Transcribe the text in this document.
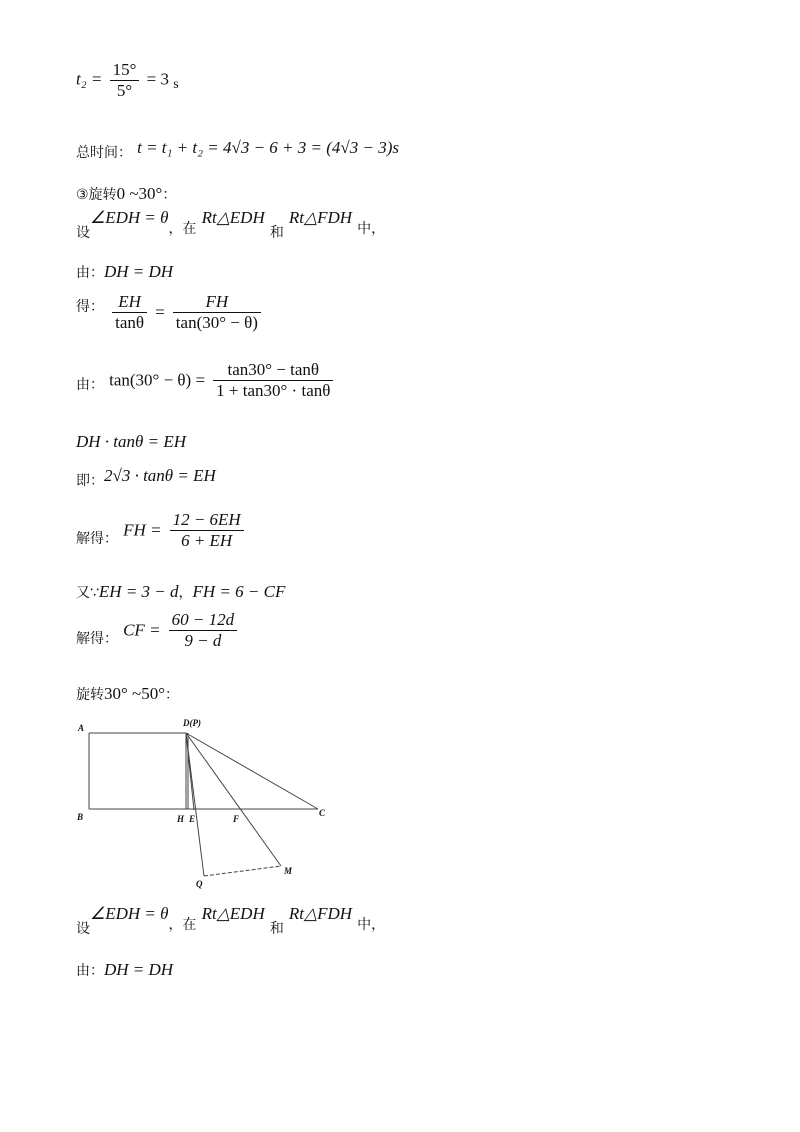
$t_2 = \frac{15^\circ}{5^\circ} = 3$ s
总时间： t = t₁ + t₂ = 4√3 − 6 + 3 = (4√3 − 3)s
③旋转0 ~30°：
设∠EDH = θ，在 Rt△EDH 和 Rt△FDH 中，
由：DH = DH
得： $\frac{EH}{\tan\theta} = \frac{FH}{\tan(30^\circ - \theta)}$
由： $\tan(30^\circ - \theta) = \frac{\tan 30^\circ - \tan\theta}{1 + \tan 30^\circ \cdot \tan\theta}$
DH · tanθ = EH
即：2√3 · tanθ = EH
解得： FH = $\frac{12 - 6EH}{6 + EH}$
又∵EH = 3 − d，FH = 6 − CF
解得： CF = $\frac{60 - 12d}{9 - d}$
旋转30° ~50°：
A
B
D(P)
H E	F
C
Q
M
设∠EDH = θ，在 Rt△EDH 和 Rt△FDH 中，
由：DH = DH
